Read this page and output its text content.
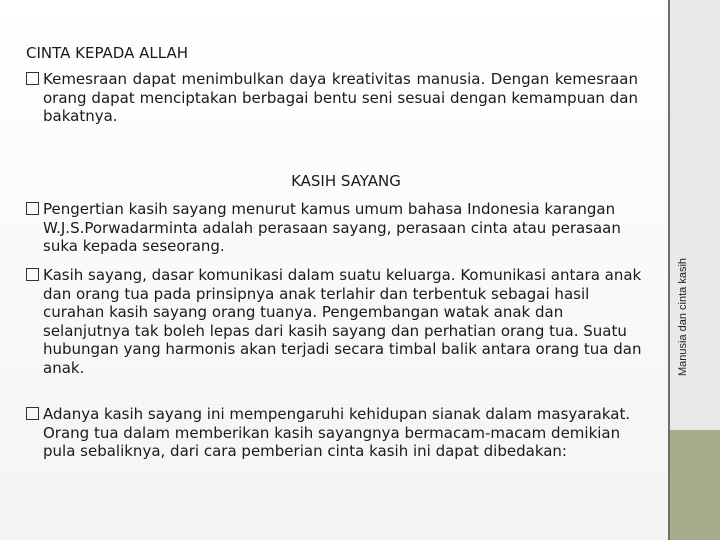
CINTA KEPADA ALLAH
Kemesraan dapat menimbulkan daya kreativitas manusia. Dengan kemesraan orang dapat menciptakan berbagai bentu seni sesuai dengan kemampuan dan bakatnya.
KASIH SAYANG
Pengertian kasih sayang menurut kamus umum bahasa Indonesia karangan W.J.S.Porwadarminta adalah perasaan sayang, perasaan cinta atau perasaan suka kepada seseorang.
Kasih sayang, dasar komunikasi dalam suatu keluarga. Komunikasi antara anak dan orang tua pada prinsipnya anak terlahir dan terbentuk sebagai hasil curahan kasih sayang orang tuanya. Pengembangan watak anak dan selanjutnya tak boleh lepas dari kasih sayang dan perhatian orang tua. Suatu hubungan yang harmonis akan terjadi secara timbal balik antara orang tua dan anak.
Adanya kasih sayang ini mempengaruhi kehidupan sianak dalam masyarakat. Orang tua dalam memberikan kasih sayangnya bermacam-macam demikian pula sebaliknya, dari cara pemberian cinta kasih ini dapat dibedakan:
Manusia dan cinta kasih
